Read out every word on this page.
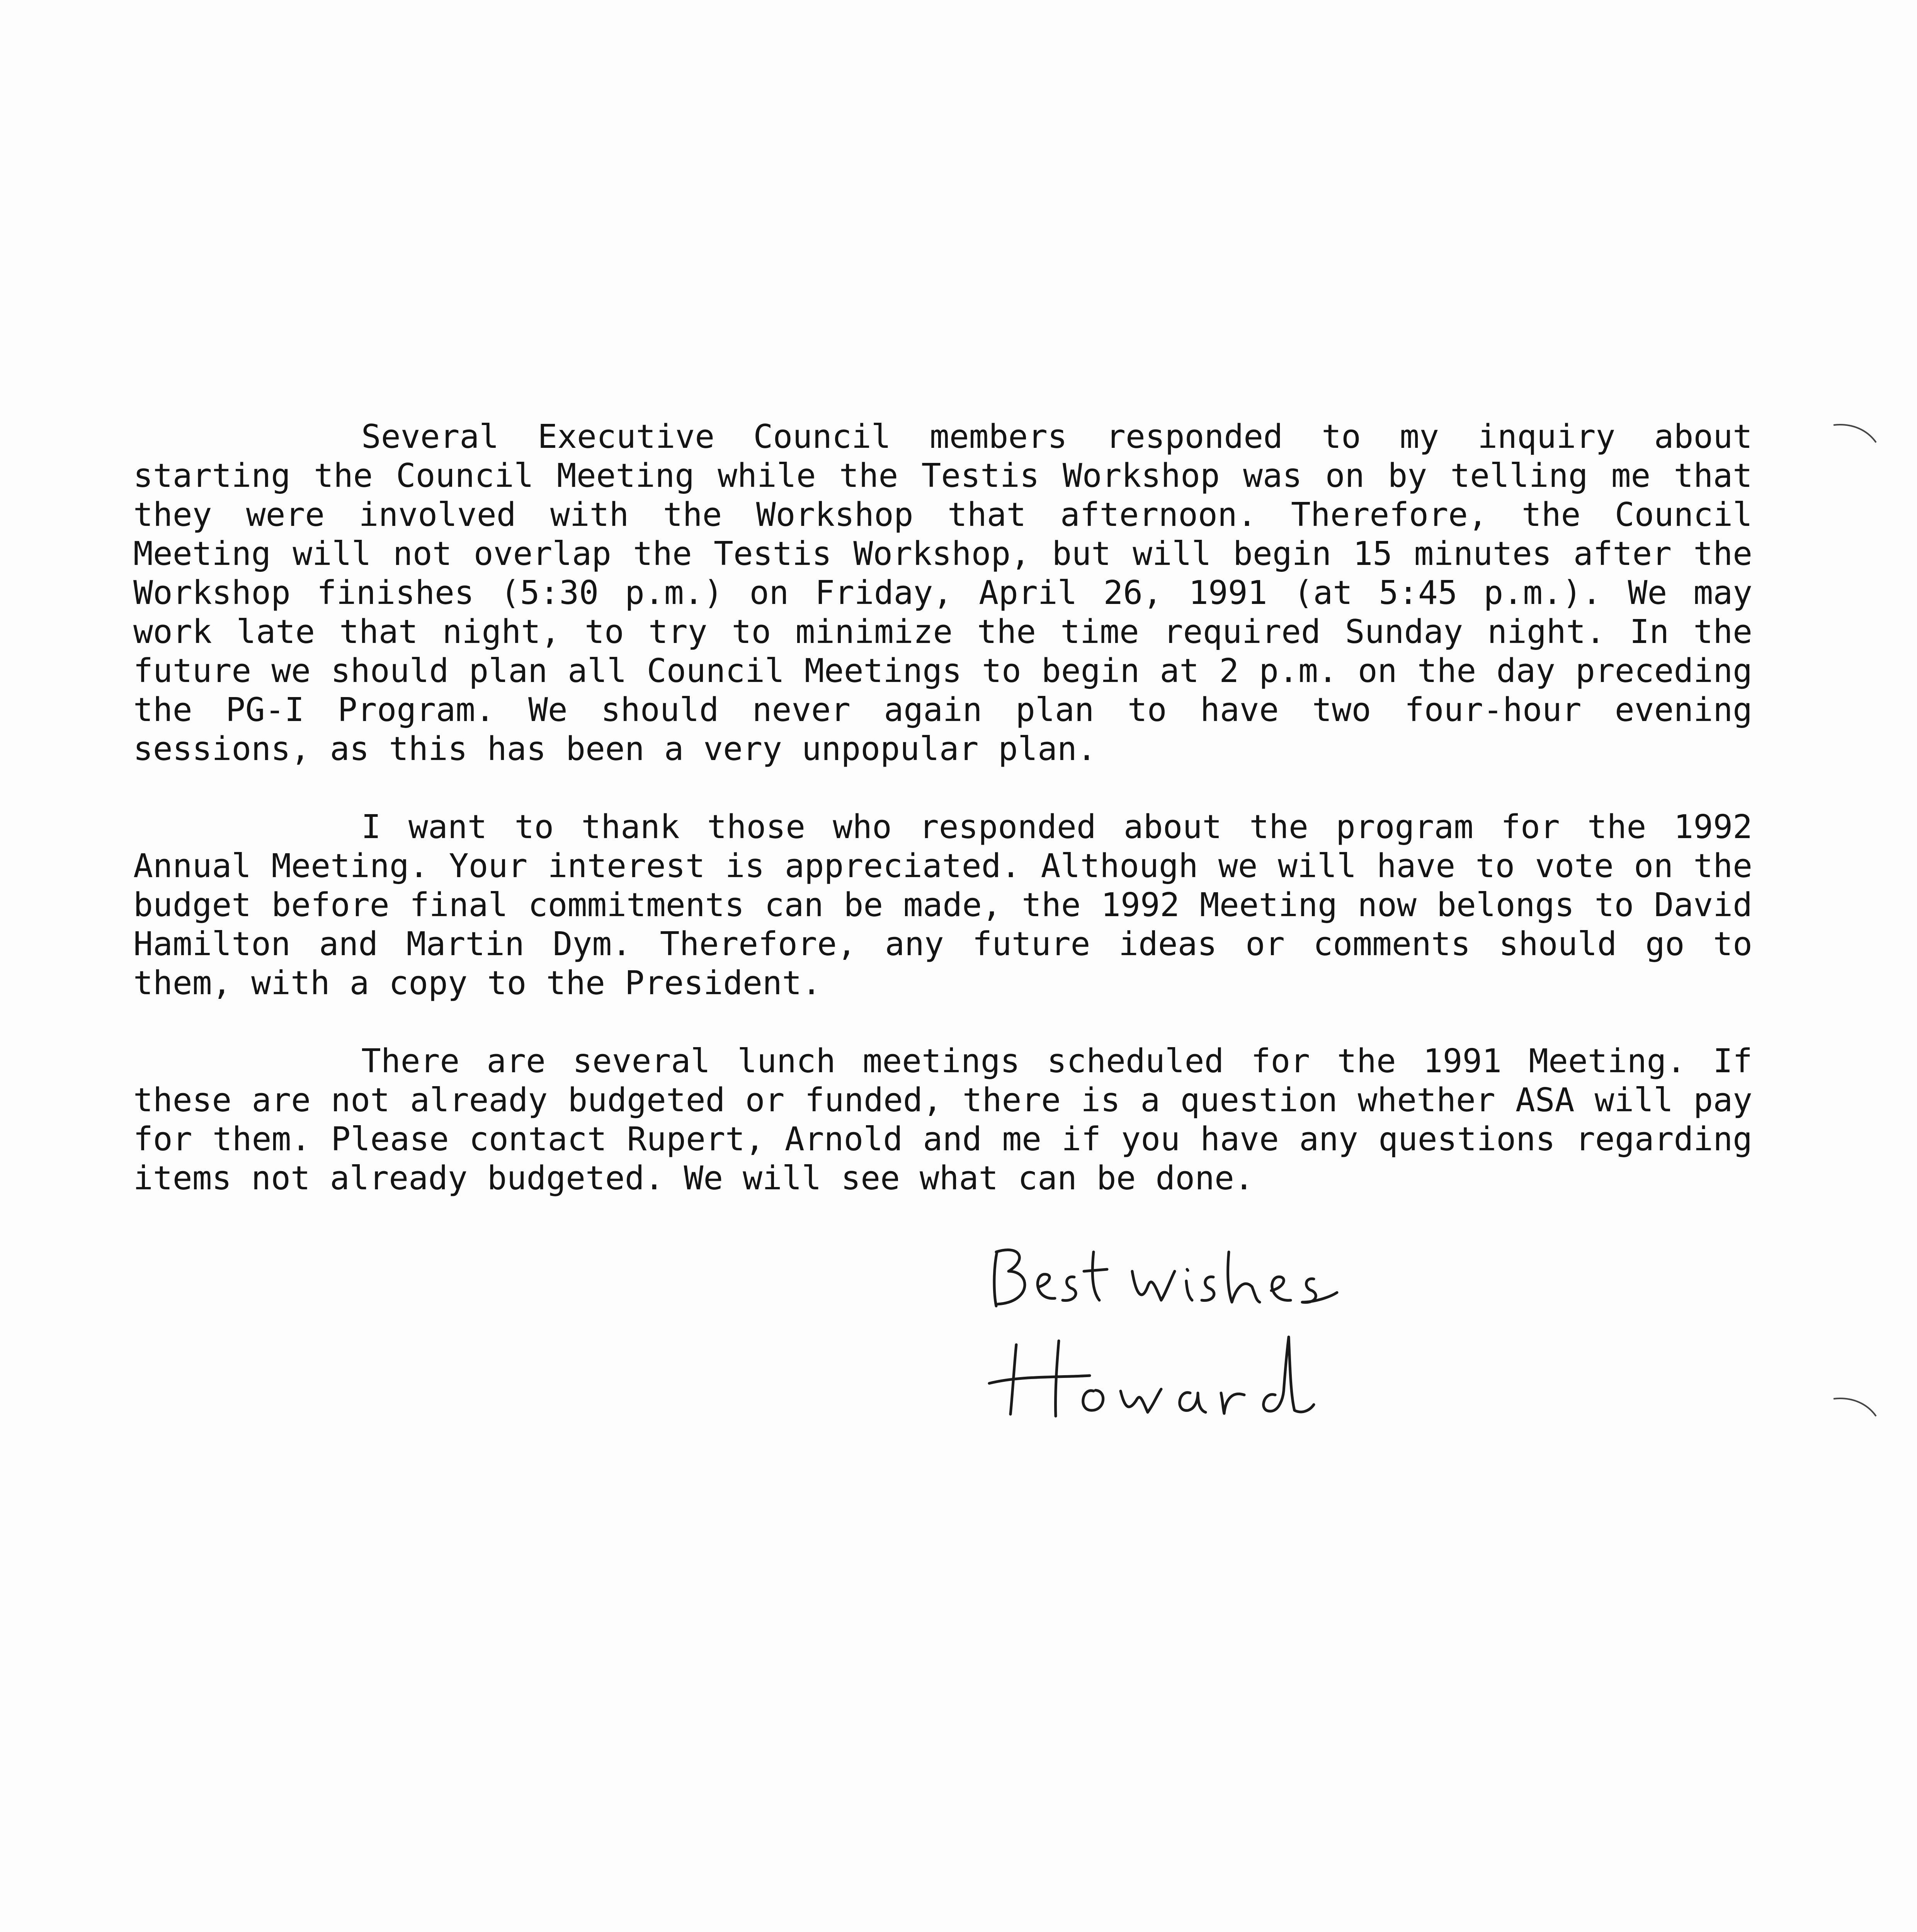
Several Executive Council members responded to my inquiry about starting the Council Meeting while the Testis Workshop was on by telling me that they were involved with the Workshop that afternoon. Therefore, the Council Meeting will not overlap the Testis Workshop, but will begin 15 minutes after the Workshop finishes (5:30 p.m.) on Friday, April 26, 1991 (at 5:45 p.m.). We may work late that night, to try to minimize the time required Sunday night. In the future we should plan all Council Meetings to begin at 2 p.m. on the day preceding the PG-I Program. We should never again plan to have two four-hour evening sessions, as this has been a very unpopular plan.

I want to thank those who responded about the program for the 1992 Annual Meeting. Your interest is appreciated. Although we will have to vote on the budget before final commitments can be made, the 1992 Meeting now belongs to David Hamilton and Martin Dym. Therefore, any future ideas or comments should go to them, with a copy to the President.

There are several lunch meetings scheduled for the 1991 Meeting. If these are not already budgeted or funded, there is a question whether ASA will pay for them. Please contact Rupert, Arnold and me if you have any questions regarding items not already budgeted. We will see what can be done.
